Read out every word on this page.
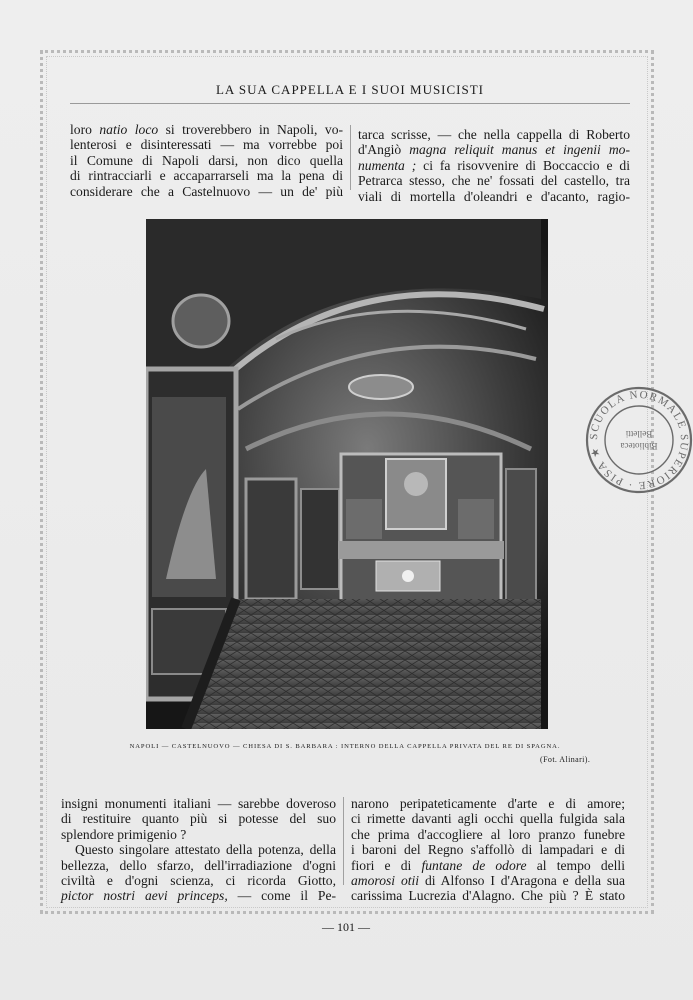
LA SUA CAPPELLA E I SUOI MUSICISTI

loro natio loco si troverebbero in Napoli, vo-

lenterosi e disinteressati — ma vorrebbe poi

il Comune di Napoli darsi, non dico quella

di rintracciarli e accaparrarseli ma la pena di

considerare che a Castelnuovo — un de' più

tarca scrisse, — che nella cappella di Roberto

d'Angiò magna reliquit manus et ingenii mo-

numenta ; ci fa risovvenire di Boccaccio e di

Petrarca stesso, che ne' fossati del castello, tra

viali di mortella d'oleandri e d'acanto, ragio-

NAPOLI — CASTELNUOVO — CHIESA DI S. BARBARA : INTERNO DELLA CAPPELLA PRIVATA DEL RE DI SPAGNA.
(Fot. Alinari).

insigni monumenti italiani — sarebbe doveroso

di restituire quanto più si potesse del suo

splendore primigenio ?

Questo singolare attestato della potenza, della

bellezza, dello sfarzo, dell'irradiazione d'ogni

civiltà e d'ogni scienza, ci ricorda Giotto,

pictor nostri aevi princeps, — come il Pe-

narono peripateticamente d'arte e di amore;

ci rimette davanti agli occhi quella fulgida sala

che prima d'accogliere al loro pranzo funebre

i baroni del Regno s'affollò di lampadari e di

fiori e di funtane de odore al tempo delli

amorosi otii di Alfonso I d'Aragona e della sua

carissima Lucrezia d'Alagno. Che più ? È stato

— 101 —
SCUOLA NORMALE SUPERIORE · PISA ★	Biblioteca
Belletti
